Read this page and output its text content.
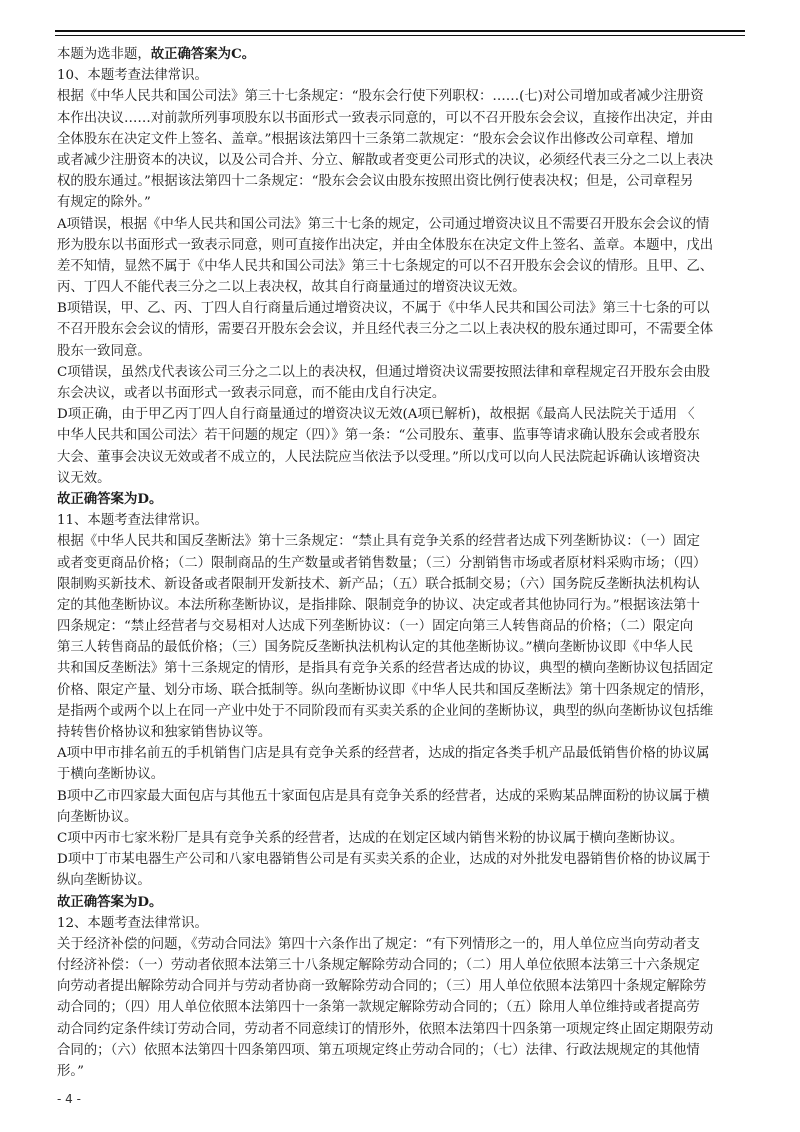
本题为选非题，故正确答案为C。
10、本题考查法律常识。
根据《中华人民共和国公司法》第三十七条规定：“股东会行使下列职权：……(七)对公司增加或者减少注册资
本作出决议……对前款所列事项股东以书面形式一致表示同意的，可以不召开股东会会议，直接作出决定，并由
全体股东在决定文件上签名、盖章。”根据该法第四十三条第二款规定：“股东会会议作出修改公司章程、增加
或者减少注册资本的决议，以及公司合并、分立、解散或者变更公司形式的决议，必须经代表三分之二以上表决
权的股东通过。”根据该法第四十二条规定：“股东会会议由股东按照出资比例行使表决权；但是，公司章程另
有规定的除外。”
A项错误，根据《中华人民共和国公司法》第三十七条的规定，公司通过增资决议且不需要召开股东会会议的情
形为股东以书面形式一致表示同意，则可直接作出决定，并由全体股东在决定文件上签名、盖章。本题中，戊出
差不知情，显然不属于《中华人民共和国公司法》第三十七条规定的可以不召开股东会会议的情形。且甲、乙、
丙、丁四人不能代表三分之二以上表决权，故其自行商量通过的增资决议无效。
B项错误，甲、乙、丙、丁四人自行商量后通过增资决议，不属于《中华人民共和国公司法》第三十七条的可以
不召开股东会会议的情形，需要召开股东会会议，并且经代表三分之二以上表决权的股东通过即可，不需要全体
股东一致同意。
C项错误，虽然戊代表该公司三分之二以上的表决权，但通过增资决议需要按照法律和章程规定召开股东会由股
东会决议，或者以书面形式一致表示同意，而不能由戊自行决定。
D项正确，由于甲乙丙丁四人自行商量通过的增资决议无效(A项已解析)，故根据《最高人民法院关于适用 〈
中华人民共和国公司法〉若干问题的规定（四）》第一条：“公司股东、董事、监事等请求确认股东会或者股东
大会、董事会决议无效或者不成立的，人民法院应当依法予以受理。”所以戊可以向人民法院起诉确认该增资决
议无效。
故正确答案为D。
11、本题考查法律常识。
根据《中华人民共和国反垄断法》第十三条规定：“禁止具有竞争关系的经营者达成下列垄断协议：（一）固定
或者变更商品价格；（二）限制商品的生产数量或者销售数量；（三）分割销售市场或者原材料采购市场；（四）
限制购买新技术、新设备或者限制开发新技术、新产品；（五）联合抵制交易；（六）国务院反垄断执法机构认
定的其他垄断协议。本法所称垄断协议，是指排除、限制竞争的协议、决定或者其他协同行为。”根据该法第十
四条规定：“禁止经营者与交易相对人达成下列垄断协议：（一）固定向第三人转售商品的价格；（二）限定向
第三人转售商品的最低价格；（三）国务院反垄断执法机构认定的其他垄断协议。”横向垄断协议即《中华人民
共和国反垄断法》第十三条规定的情形，是指具有竞争关系的经营者达成的协议，典型的横向垄断协议包括固定
价格、限定产量、划分市场、联合抵制等。纵向垄断协议即《中华人民共和国反垄断法》第十四条规定的情形，
是指两个或两个以上在同一产业中处于不同阶段而有买卖关系的企业间的垄断协议，典型的纵向垄断协议包括维
持转售价格协议和独家销售协议等。
A项中甲市排名前五的手机销售门店是具有竞争关系的经营者，达成的指定各类手机产品最低销售价格的协议属
于横向垄断协议。
B项中乙市四家最大面包店与其他五十家面包店是具有竞争关系的经营者，达成的采购某品牌面粉的协议属于横
向垄断协议。
C项中丙市七家米粉厂是具有竞争关系的经营者，达成的在划定区域内销售米粉的协议属于横向垄断协议。
D项中丁市某电器生产公司和八家电器销售公司是有买卖关系的企业，达成的对外批发电器销售价格的协议属于
纵向垄断协议。
故正确答案为D。
12、本题考查法律常识。
关于经济补偿的问题，《劳动合同法》第四十六条作出了规定：“有下列情形之一的，用人单位应当向劳动者支
付经济补偿：（一）劳动者依照本法第三十八条规定解除劳动合同的；（二）用人单位依照本法第三十六条规定
向劳动者提出解除劳动合同并与劳动者协商一致解除劳动合同的；（三）用人单位依照本法第四十条规定解除劳
动合同的；（四）用人单位依照本法第四十一条第一款规定解除劳动合同的；（五）除用人单位维持或者提高劳
动合同约定条件续订劳动合同，劳动者不同意续订的情形外，依照本法第四十四条第一项规定终止固定期限劳动
合同的；（六）依照本法第四十四条第四项、第五项规定终止劳动合同的；（七）法律、行政法规规定的其他情
形。”
- 4 -
